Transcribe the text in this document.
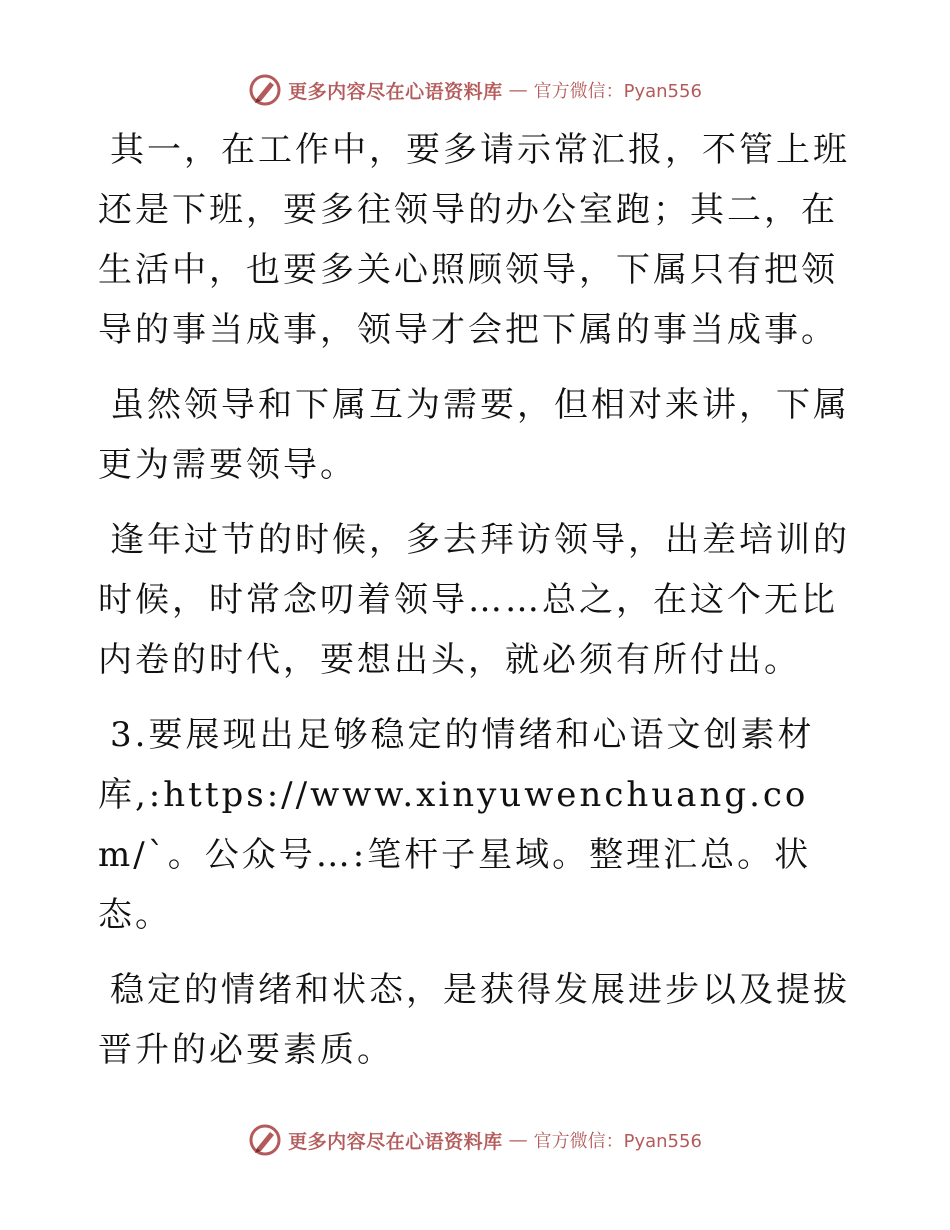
更多内容尽在心语资料库 — 官方微信：Pyan556

其一，在工作中，要多请示常汇报，不管上班还是下班，要多往领导的办公室跑；其二，在生活中，也要多关心照顾领导，下属只有把领导的事当成事，领导才会把下属的事当成事。

虽然领导和下属互为需要，但相对来讲，下属更为需要领导。

逢年过节的时候，多去拜访领导，出差培训的时候，时常念叨着领导……总之，在这个无比内卷的时代，要想出头，就必须有所付出。

3.要展现出足够稳定的情绪和心语文创素材库,:https://www.xinyuwenchuang.com/`。公众号…:笔杆子星域。整理汇总。状态。

稳定的情绪和状态，是获得发展进步以及提拔晋升的必要素质。

更多内容尽在心语资料库 — 官方微信：Pyan556
